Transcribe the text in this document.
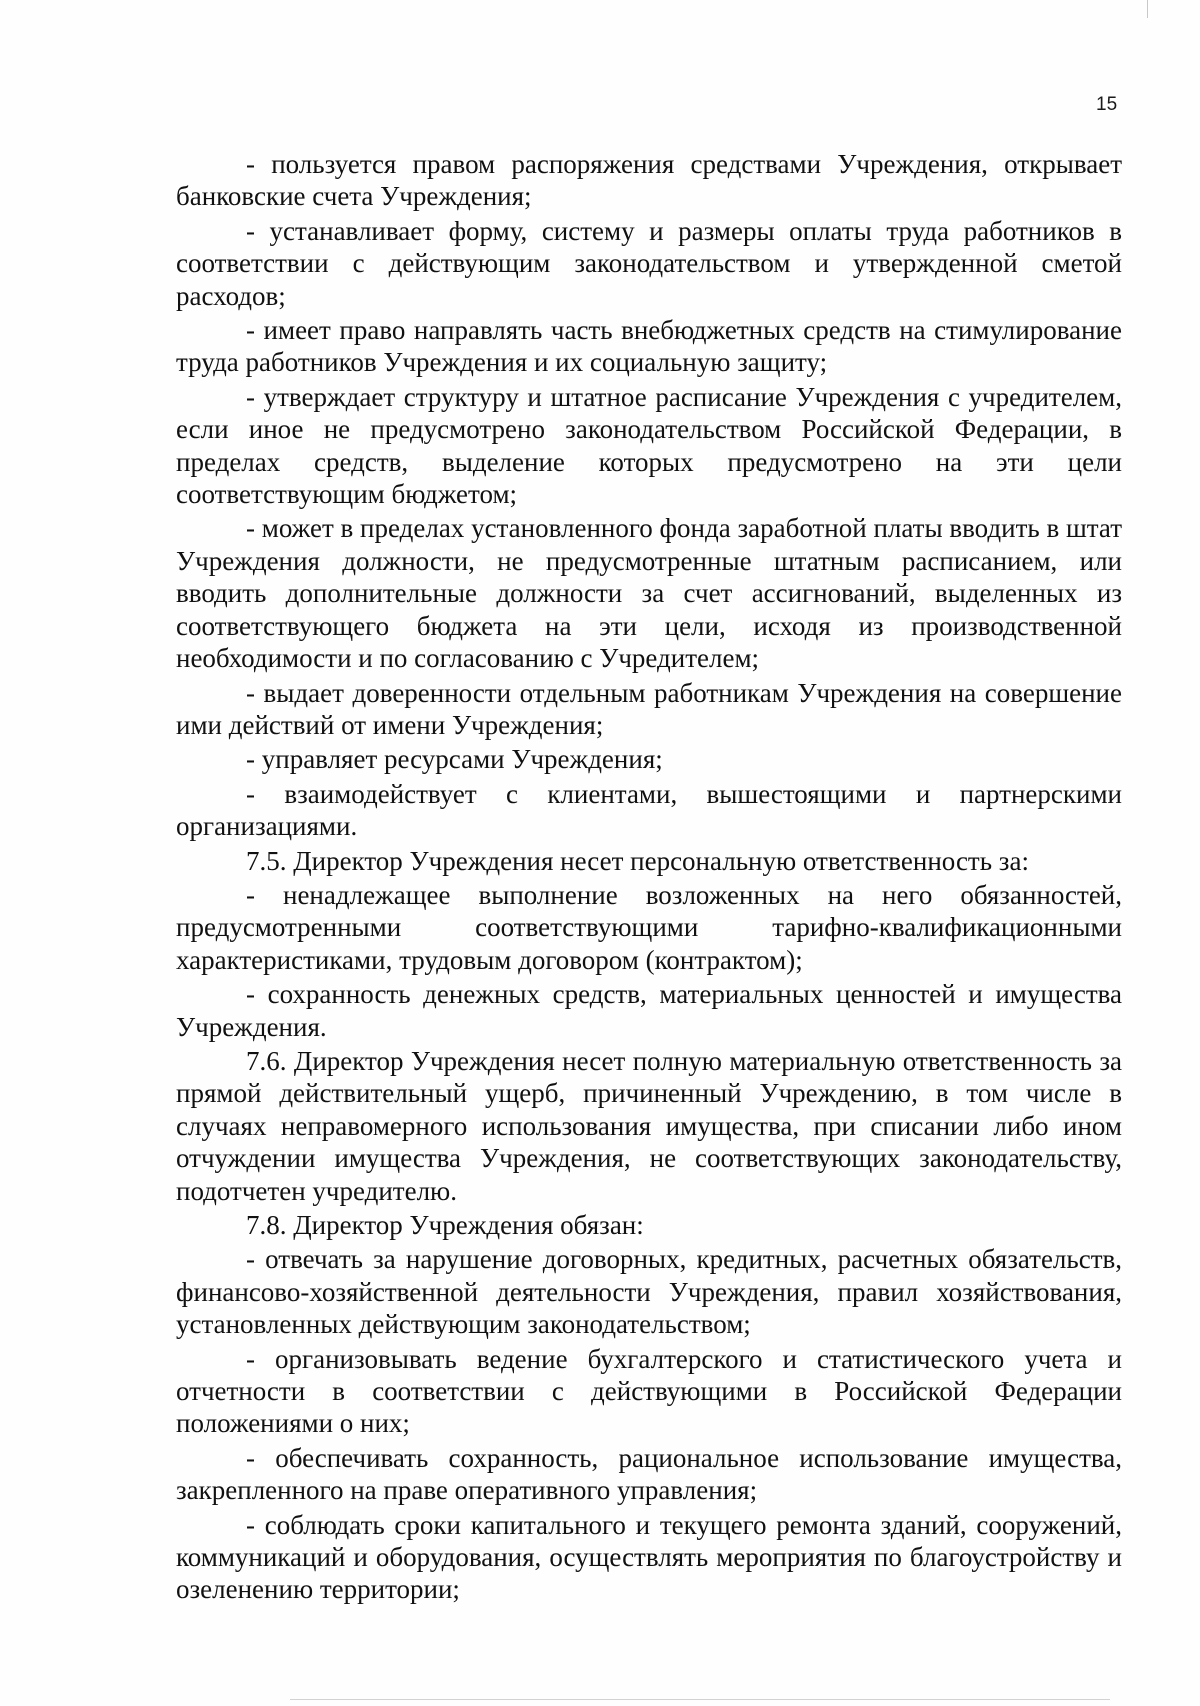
15

- пользуется правом распоряжения средствами Учреждения, открывает банковские счета Учреждения;

- устанавливает форму, систему и размеры оплаты труда работников в соответствии с действующим законодательством и утвержденной сметой расходов;

- имеет право направлять часть внебюджетных средств на стимулирование труда работников Учреждения и их социальную защиту;

- утверждает структуру и штатное расписание Учреждения с учредителем, если иное не предусмотрено законодательством Российской Федерации, в пределах средств, выделение которых предусмотрено на эти цели соответствующим бюджетом;

- может в пределах установленного фонда заработной платы вводить в штат Учреждения должности, не предусмотренные штатным расписанием, или вводить дополнительные должности за счет ассигнований, выделенных из соответствующего бюджета на эти цели, исходя из производственной необходимости и по согласованию с Учредителем;

- выдает доверенности отдельным работникам Учреждения на совершение ими действий от имени Учреждения;

- управляет ресурсами Учреждения;

- взаимодействует с клиентами, вышестоящими и партнерскими организациями.

7.5. Директор Учреждения несет персональную ответственность за:

- ненадлежащее выполнение возложенных на него обязанностей, предусмотренными соответствующими тарифно-квалификационными характеристиками, трудовым договором (контрактом);

- сохранность денежных средств, материальных ценностей и имущества Учреждения.

7.6. Директор Учреждения несет полную материальную ответственность за прямой действительный ущерб, причиненный Учреждению, в том числе в случаях неправомерного использования имущества, при списании либо ином отчуждении имущества Учреждения, не соответствующих законодательству, подотчетен учредителю.

7.8. Директор Учреждения обязан:

- отвечать за нарушение договорных, кредитных, расчетных обязательств, финансово-хозяйственной деятельности Учреждения, правил хозяйствования, установленных действующим законодательством;

- организовывать ведение бухгалтерского и статистического учета и отчетности в соответствии с действующими в Российской Федерации положениями о них;

- обеспечивать сохранность, рациональное использование имущества, закрепленного на праве оперативного управления;

- соблюдать сроки капитального и текущего ремонта зданий, сооружений, коммуникаций и оборудования, осуществлять мероприятия по благоустройству и озеленению территории;
